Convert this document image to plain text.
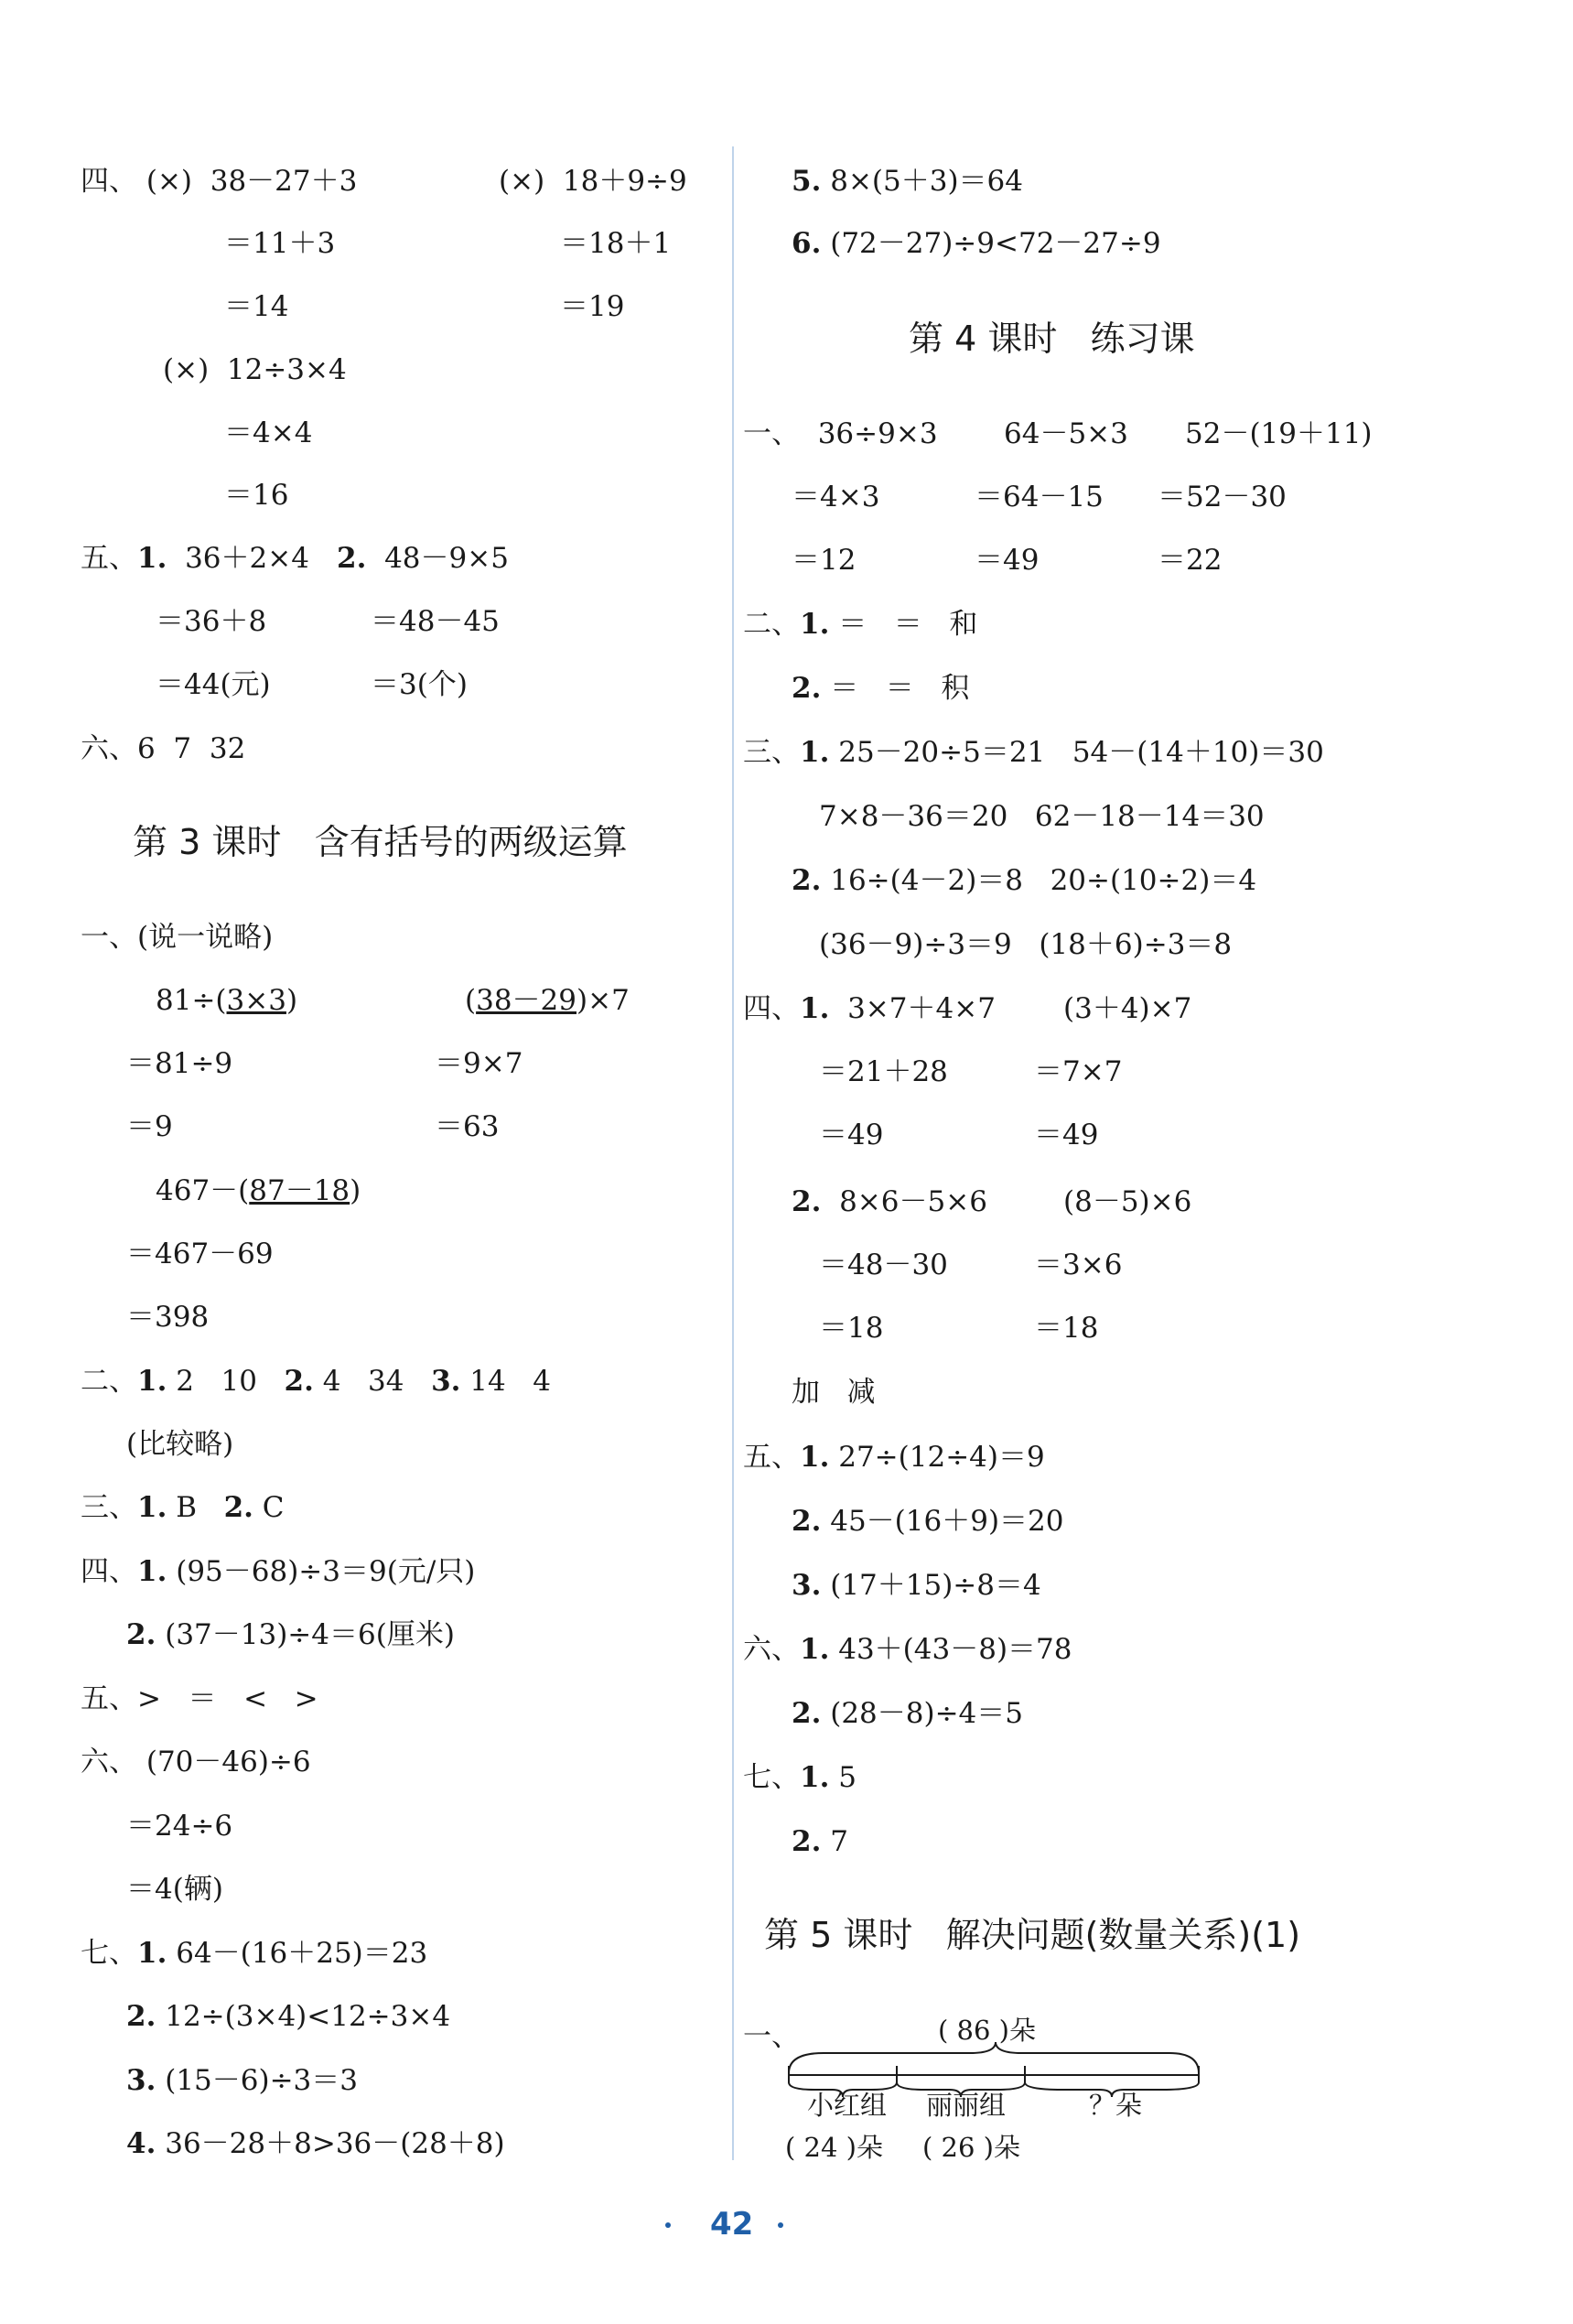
四、 (×)  38－27＋3	(×)  18＋9÷9
＝11＋3	＝18＋1
＝14	＝19
(×)  12÷3×4
＝4×4
＝16
五、1.  36＋2×4 2.  48－9×5
＝36＋8	＝48－45
＝44(元)	＝3(个)
六、6  7  32
第 3 课时   含有括号的两级运算
一、(说一说略)
81÷(3×3)	(38－29)×7
＝81÷9	＝9×7
＝9	＝63
467－(87－18)
＝467－69
＝398
二、1. 2   10   2. 4   34   3. 14   4
(比较略)
三、1. B   2. C
四、1. (95－68)÷3＝9(元/只)
2. (37－13)÷4＝6(厘米)
五、>   ＝   <   >
六、 (70－46)÷6
＝24÷6
＝4(辆)
七、1. 64－(16＋25)＝23
2. 12÷(3×4)<12÷3×4
3. (15－6)÷3＝3
4. 36－28＋8>36－(28＋8)
5. 8×(5＋3)＝64
6. (72－27)÷9<72－27÷9
第 4 课时   练习课
一、  36÷9×3 64－5×3 52－(19＋11)
＝4×3	＝64－15 ＝52－30
＝12	＝49	＝22
二、1. ＝   ＝   和
2. ＝   ＝   积
三、1. 25－20÷5＝21   54－(14＋10)＝30
7×8－36＝20   62－18－14＝30
2. 16÷(4－2)＝8   20÷(10÷2)＝4
(36－9)÷3＝9   (18＋6)÷3＝8
四、1.  3×7＋4×7 (3＋4)×7
＝21＋28	＝7×7
＝49	＝49
2.  8×6－5×6	(8－5)×6
＝48－30	＝3×6
＝18	＝18
加   减
五、1. 27÷(12÷4)＝9
2. 45－(16＋9)＝20
3. (17＋15)÷8＝4
六、1. 43＋(43－8)＝78
2. (28－8)÷4＝5
七、1. 5
2. 7
第 5 课时   解决问题(数量关系)(1)
一、	( 86 )朵
小红组 丽丽组	？朵
( 24 )朵 ( 26 )朵
42
